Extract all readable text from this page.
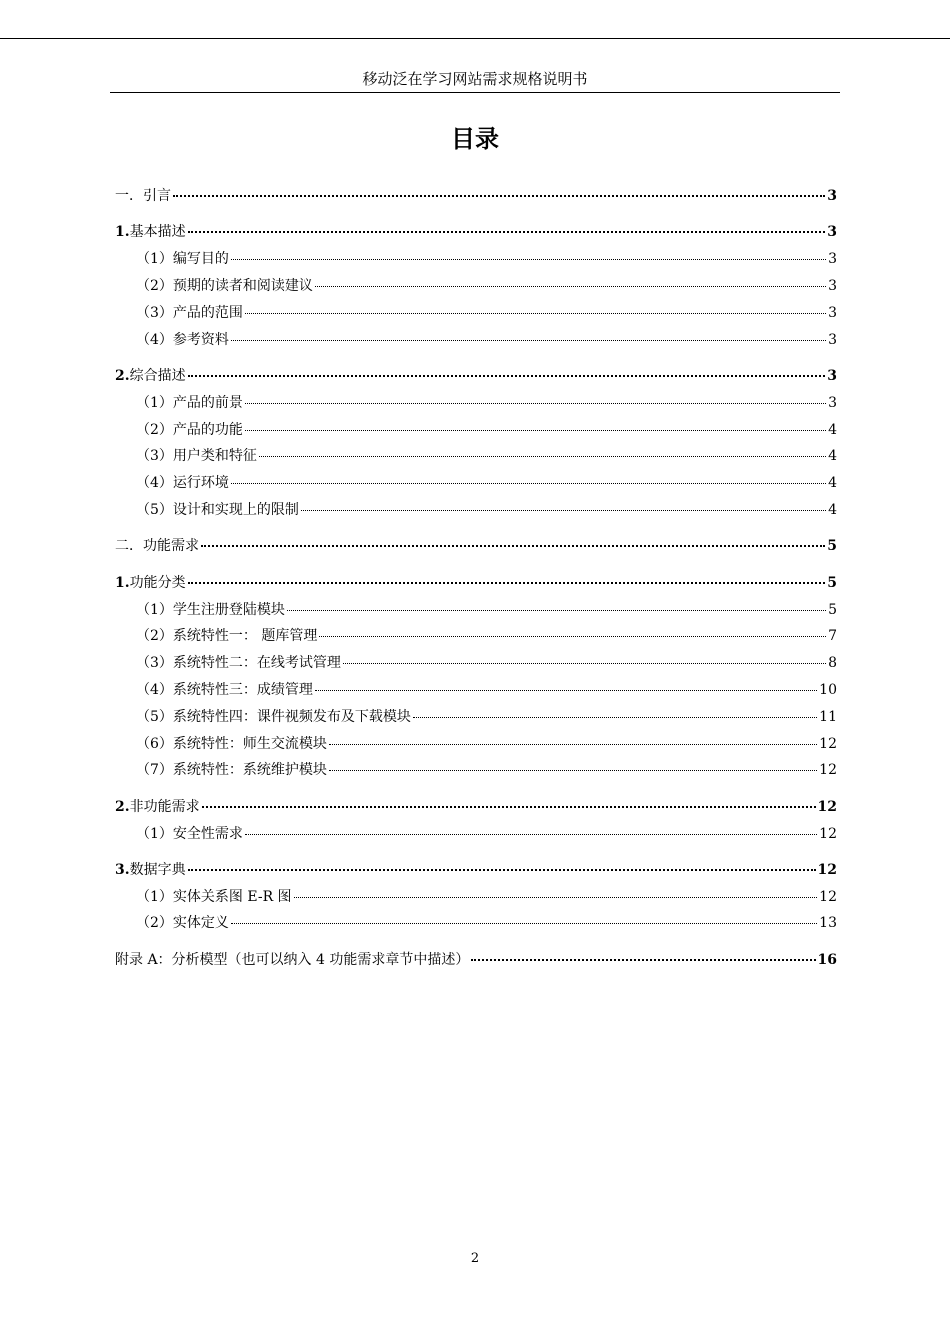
移动泛在学习网站需求规格说明书
目录
一．引言	3
1.基本描述	3
（1）编写目的	3
（2）预期的读者和阅读建议	3
（3）产品的范围	3
（4）参考资料	3
2.综合描述	3
（1）产品的前景	3
（2）产品的功能	4
（3）用户类和特征	4
（4）运行环境	4
（5）设计和实现上的限制	4
二．功能需求	5
1.功能分类	5
（1）学生注册登陆模块	5
（2）系统特性一： 题库管理	7
（3）系统特性二：在线考试管理	8
（4）系统特性三：成绩管理	10
（5）系统特性四：课件视频发布及下载模块	11
（6）系统特性：师生交流模块	12
（7）系统特性：系统维护模块	12
2.非功能需求	12
（1）安全性需求	12
3.数据字典	12
（1）实体关系图 E-R 图	12
（2）实体定义	13
附录 A：分析模型（也可以纳入 4 功能需求章节中描述）	16
2
